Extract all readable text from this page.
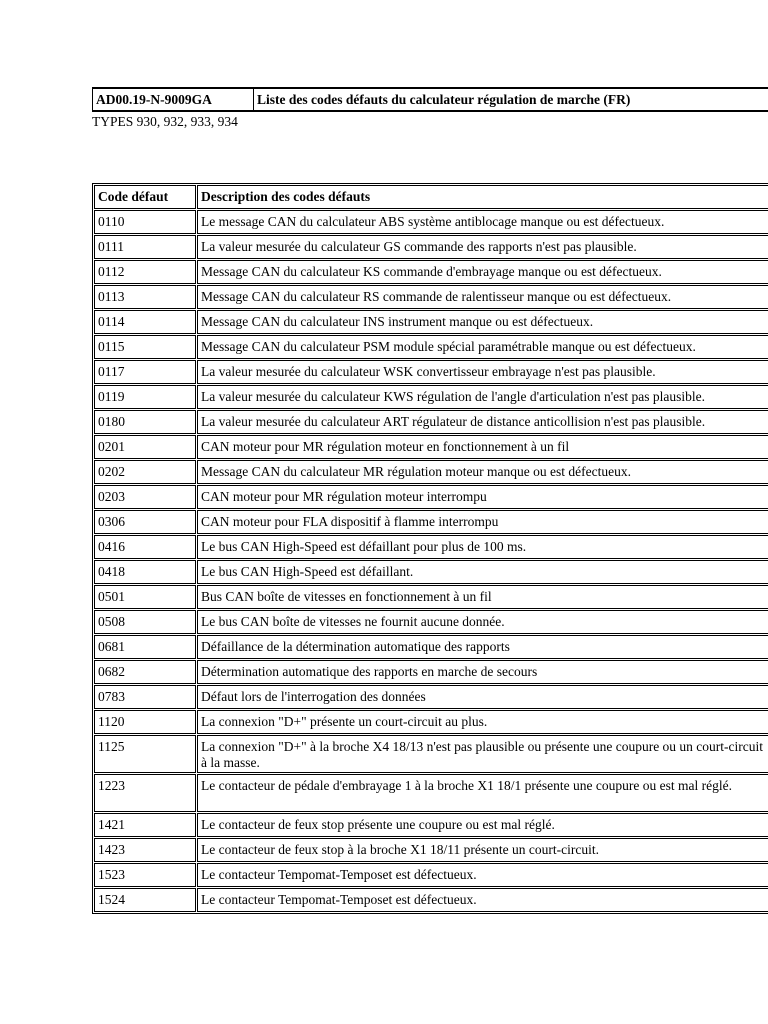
AD00.19-N-9009GA	Liste des codes défauts du calculateur régulation de marche (FR)
TYPES 930, 932, 933, 934
Code défaut	Description des codes défauts
0110	Le message CAN du calculateur ABS système antiblocage manque ou est défectueux.
0111	La valeur mesurée du calculateur GS commande des rapports n'est pas plausible.
0112	Message CAN du calculateur KS commande d'embrayage manque ou est défectueux.
0113	Message CAN du calculateur RS commande de ralentisseur manque ou est défectueux.
0114	Message CAN du calculateur INS instrument manque ou est défectueux.
0115	Message CAN du calculateur PSM module spécial paramétrable manque ou est défectueux.
0117	La valeur mesurée du calculateur WSK convertisseur embrayage n'est pas plausible.
0119	La valeur mesurée du calculateur KWS régulation de l'angle d'articulation n'est pas plausible.
0180	La valeur mesurée du calculateur ART régulateur de distance anticollision n'est pas plausible.
0201	CAN moteur pour MR régulation moteur en fonctionnement à un fil
0202	Message CAN du calculateur MR régulation moteur manque ou est défectueux.
0203	CAN moteur pour MR régulation moteur interrompu
0306	CAN moteur pour FLA dispositif à flamme interrompu
0416	Le bus CAN High-Speed est défaillant pour plus de 100 ms.
0418	Le bus CAN High-Speed est défaillant.
0501	Bus CAN boîte de vitesses en fonctionnement à un fil
0508	Le bus CAN boîte de vitesses ne fournit aucune donnée.
0681	Défaillance de la détermination automatique des rapports
0682	Détermination automatique des rapports en marche de secours
0783	Défaut lors de l'interrogation des données
1120	La connexion "D+" présente un court-circuit au plus.
1125	La connexion "D+" à la broche X4 18/13 n'est pas plausible ou présente une coupure ou un court-circuit à la masse.
1223	Le contacteur de pédale d'embrayage 1 à la broche X1 18/1 présente une coupure ou est mal réglé.
1421	Le contacteur de feux stop présente une coupure ou est mal réglé.
1423	Le contacteur de feux stop à la broche X1 18/11 présente un court-circuit.
1523	Le contacteur Tempomat-Temposet est défectueux.
1524	Le contacteur Tempomat-Temposet est défectueux.
